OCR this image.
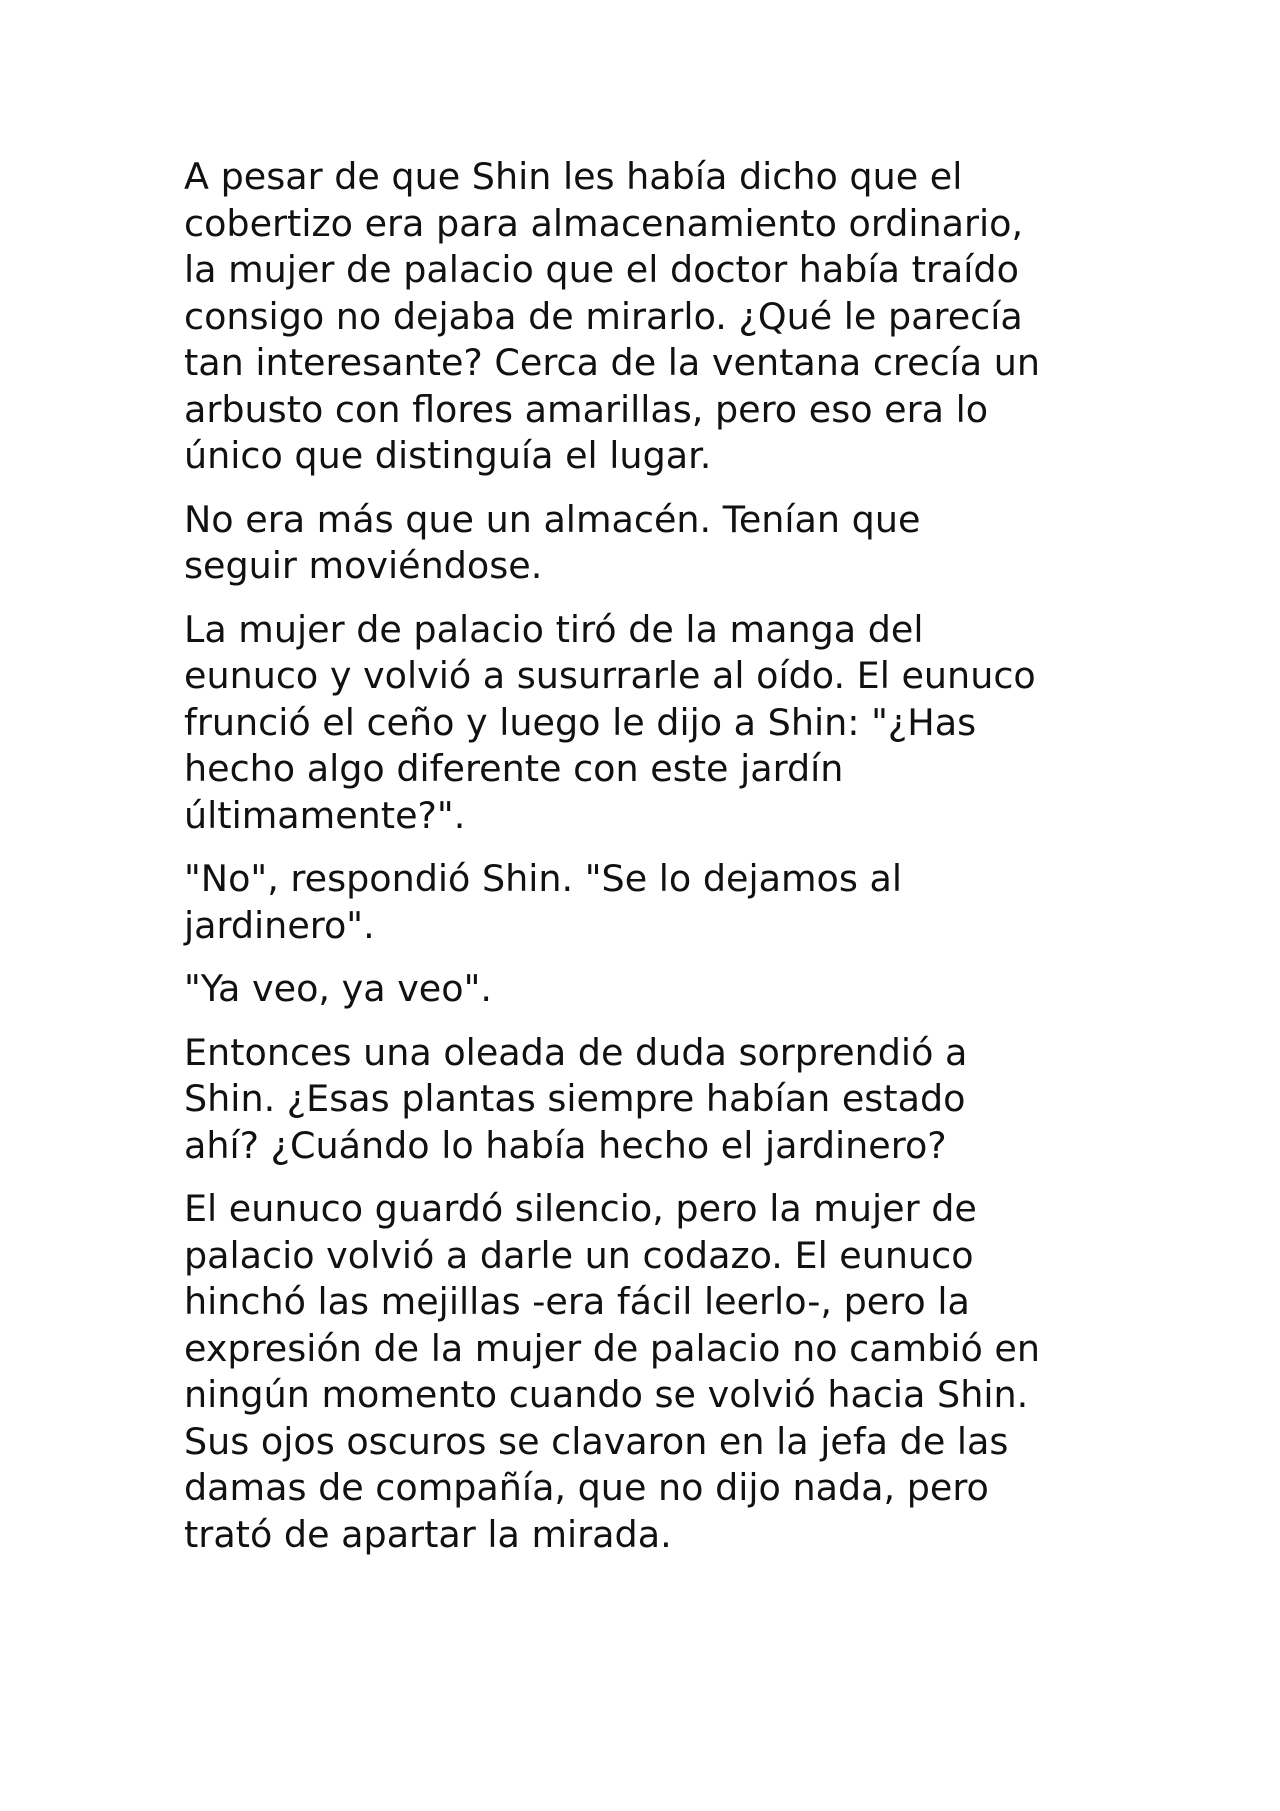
A pesar de que Shin les había dicho que el
cobertizo era para almacenamiento ordinario,
la mujer de palacio que el doctor había traído
consigo no dejaba de mirarlo. ¿Qué le parecía
tan interesante? Cerca de la ventana crecía un
arbusto con flores amarillas, pero eso era lo
único que distinguía el lugar.

No era más que un almacén. Tenían que
seguir moviéndose.

La mujer de palacio tiró de la manga del
eunuco y volvió a susurrarle al oído. El eunuco
frunció el ceño y luego le dijo a Shin: "¿Has
hecho algo diferente con este jardín
últimamente?".

"No", respondió Shin. "Se lo dejamos al
jardinero".

"Ya veo, ya veo".

Entonces una oleada de duda sorprendió a
Shin. ¿Esas plantas siempre habían estado
ahí? ¿Cuándo lo había hecho el jardinero?

El eunuco guardó silencio, pero la mujer de
palacio volvió a darle un codazo. El eunuco
hinchó las mejillas -era fácil leerlo-, pero la
expresión de la mujer de palacio no cambió en
ningún momento cuando se volvió hacia Shin.
Sus ojos oscuros se clavaron en la jefa de las
damas de compañía, que no dijo nada, pero
trató de apartar la mirada.
